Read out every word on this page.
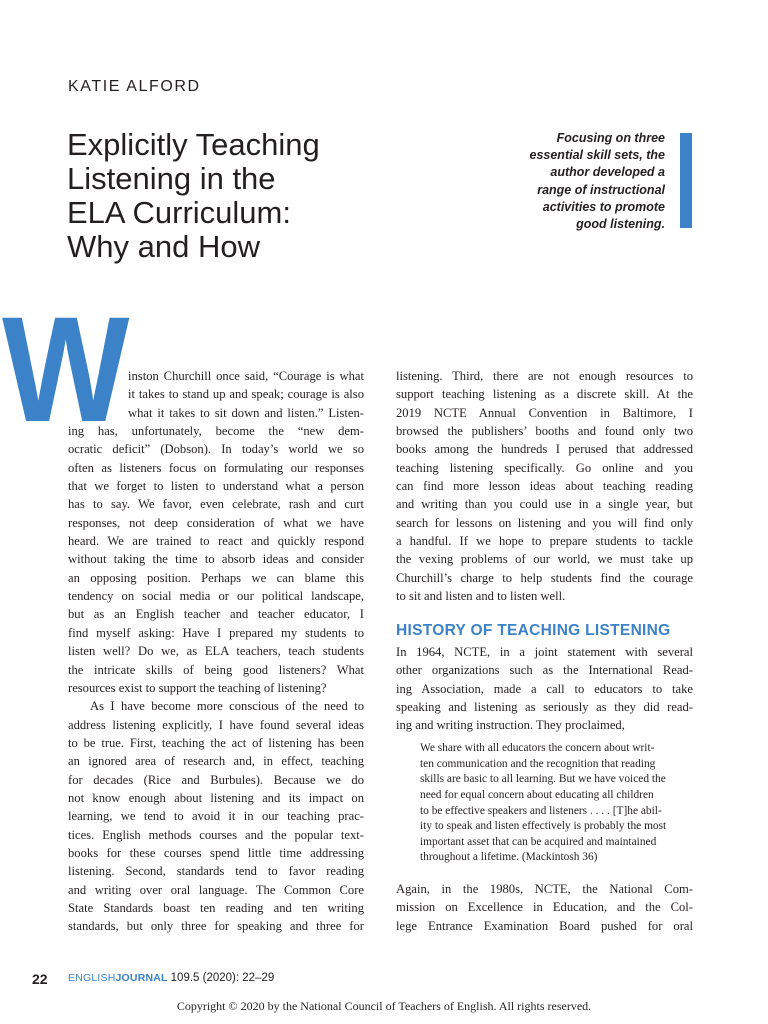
KATIE ALFORD
Explicitly Teaching
Listening in the
ELA Curriculum:
Why and How
Focusing on three
essential skill sets, the
author developed a
range of instructional
activities to promote
good listening.
W
inston Churchill once said, “Courage is what
it takes to stand up and speak; courage is also
what it takes to sit down and listen.” Listen-
ing has, unfortunately, become the “new dem-
ocratic deficit” (Dobson). In today’s world we so
often as listeners focus on formulating our responses
that we forget to listen to understand what a person
has to say. We favor, even celebrate, rash and curt
responses, not deep consideration of what we have
heard. We are trained to react and quickly respond
without taking the time to absorb ideas and consider
an opposing position. Perhaps we can blame this
tendency on social media or our political landscape,
but as an English teacher and teacher educator, I
find myself asking: Have I prepared my students to
listen well? Do we, as ELA teachers, teach students
the intricate skills of being good listeners? What
resources exist to support the teaching of listening?
As I have become more conscious of the need to
address listening explicitly, I have found several ideas
to be true. First, teaching the act of listening has been
an ignored area of research and, in effect, teaching
for decades (Rice and Burbules). Because we do
not know enough about listening and its impact on
learning, we tend to avoid it in our teaching prac-
tices. English methods courses and the popular text-
books for these courses spend little time addressing
listening. Second, standards tend to favor reading
and writing over oral language. The Common Core
State Standards boast ten reading and ten writing
standards, but only three for speaking and three for
listening. Third, there are not enough resources to
support teaching listening as a discrete skill. At the
2019 NCTE Annual Convention in Baltimore, I
browsed the publishers’ booths and found only two
books among the hundreds I perused that addressed
teaching listening specifically. Go online and you
can find more lesson ideas about teaching reading
and writing than you could use in a single year, but
search for lessons on listening and you will find only
a handful. If we hope to prepare students to tackle
the vexing problems of our world, we must take up
Churchill’s charge to help students find the courage
to sit and listen and to listen well.
HISTORY OF TEACHING LISTENING
In 1964, NCTE, in a joint statement with several
other organizations such as the International Read-
ing Association, made a call to educators to take
speaking and listening as seriously as they did read-
ing and writing instruction. They proclaimed,
We share with all educators the concern about writ-
ten communication and the recognition that reading
skills are basic to all learning. But we have voiced the
need for equal concern about educating all children
to be effective speakers and listeners . . . . [T]he abil-
ity to speak and listen effectively is probably the most
important asset that can be acquired and maintained
throughout a lifetime. (Mackintosh 36)
Again, in the 1980s, NCTE, the National Com-
mission on Excellence in Education, and the Col-
lege Entrance Examination Board pushed for oral
22 ENGLISHJOURNAL 109.5 (2020): 22–29
Copyright © 2020 by the National Council of Teachers of English. All rights reserved.
